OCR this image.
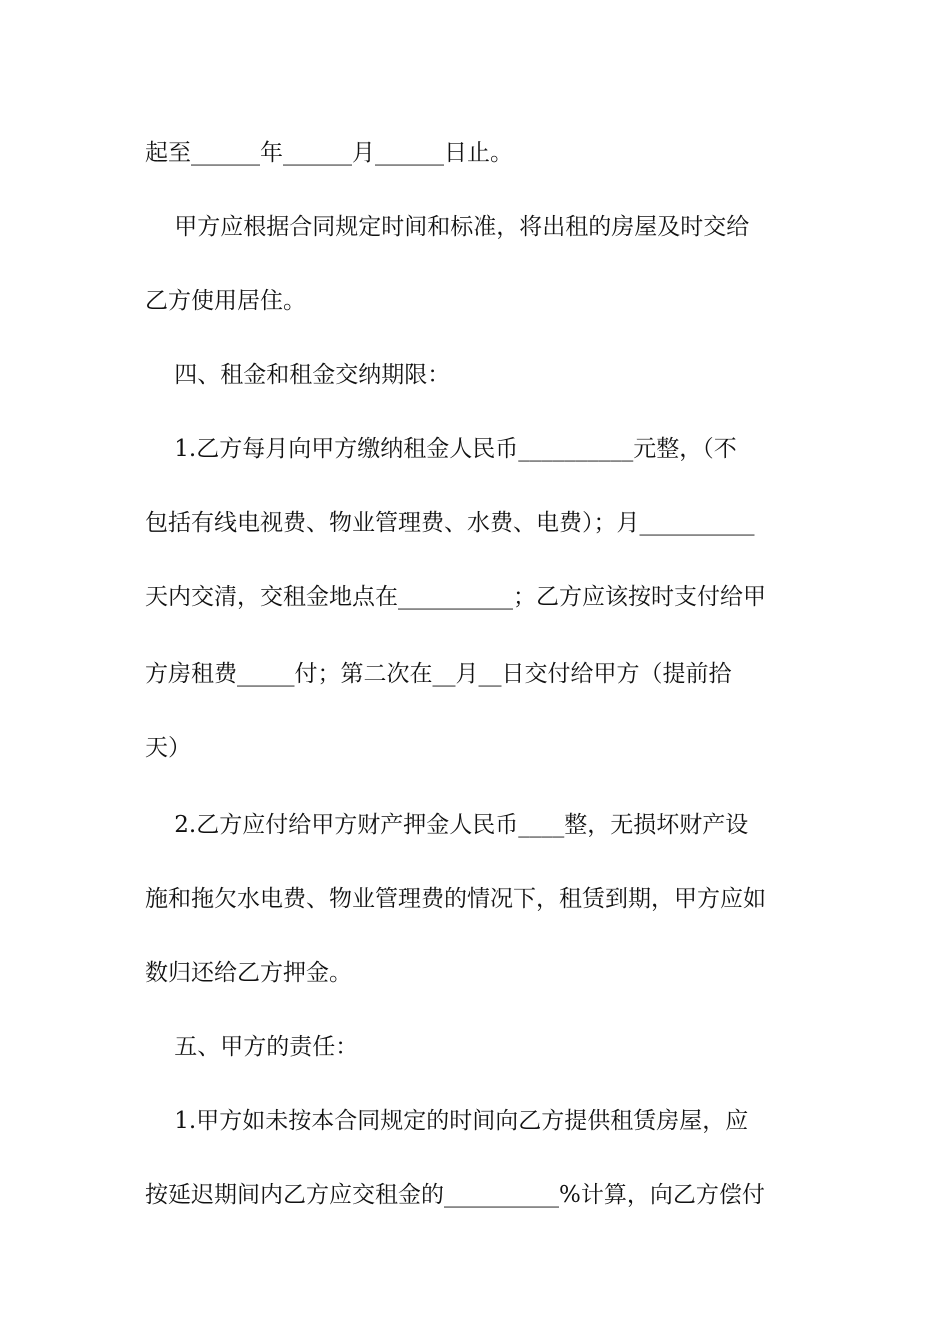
起至______年______月______日止。

甲方应根据合同规定时间和标准，将出租的房屋及时交给

乙方使用居住。

四、租金和租金交纳期限：

1.乙方每月向甲方缴纳租金人民币__________元整，（不

包括有线电视费、物业管理费、水费、电费）；月__________

天内交清，交租金地点在__________；乙方应该按时支付给甲

方房租费_____付；第二次在__月__日交付给甲方（提前拾

天）

2.乙方应付给甲方财产押金人民币____整，无损坏财产设

施和拖欠水电费、物业管理费的情况下，租赁到期，甲方应如

数归还给乙方押金。

五、甲方的责任：

1.甲方如未按本合同规定的时间向乙方提供租赁房屋，应

按延迟期间内乙方应交租金的__________%计算，向乙方偿付
